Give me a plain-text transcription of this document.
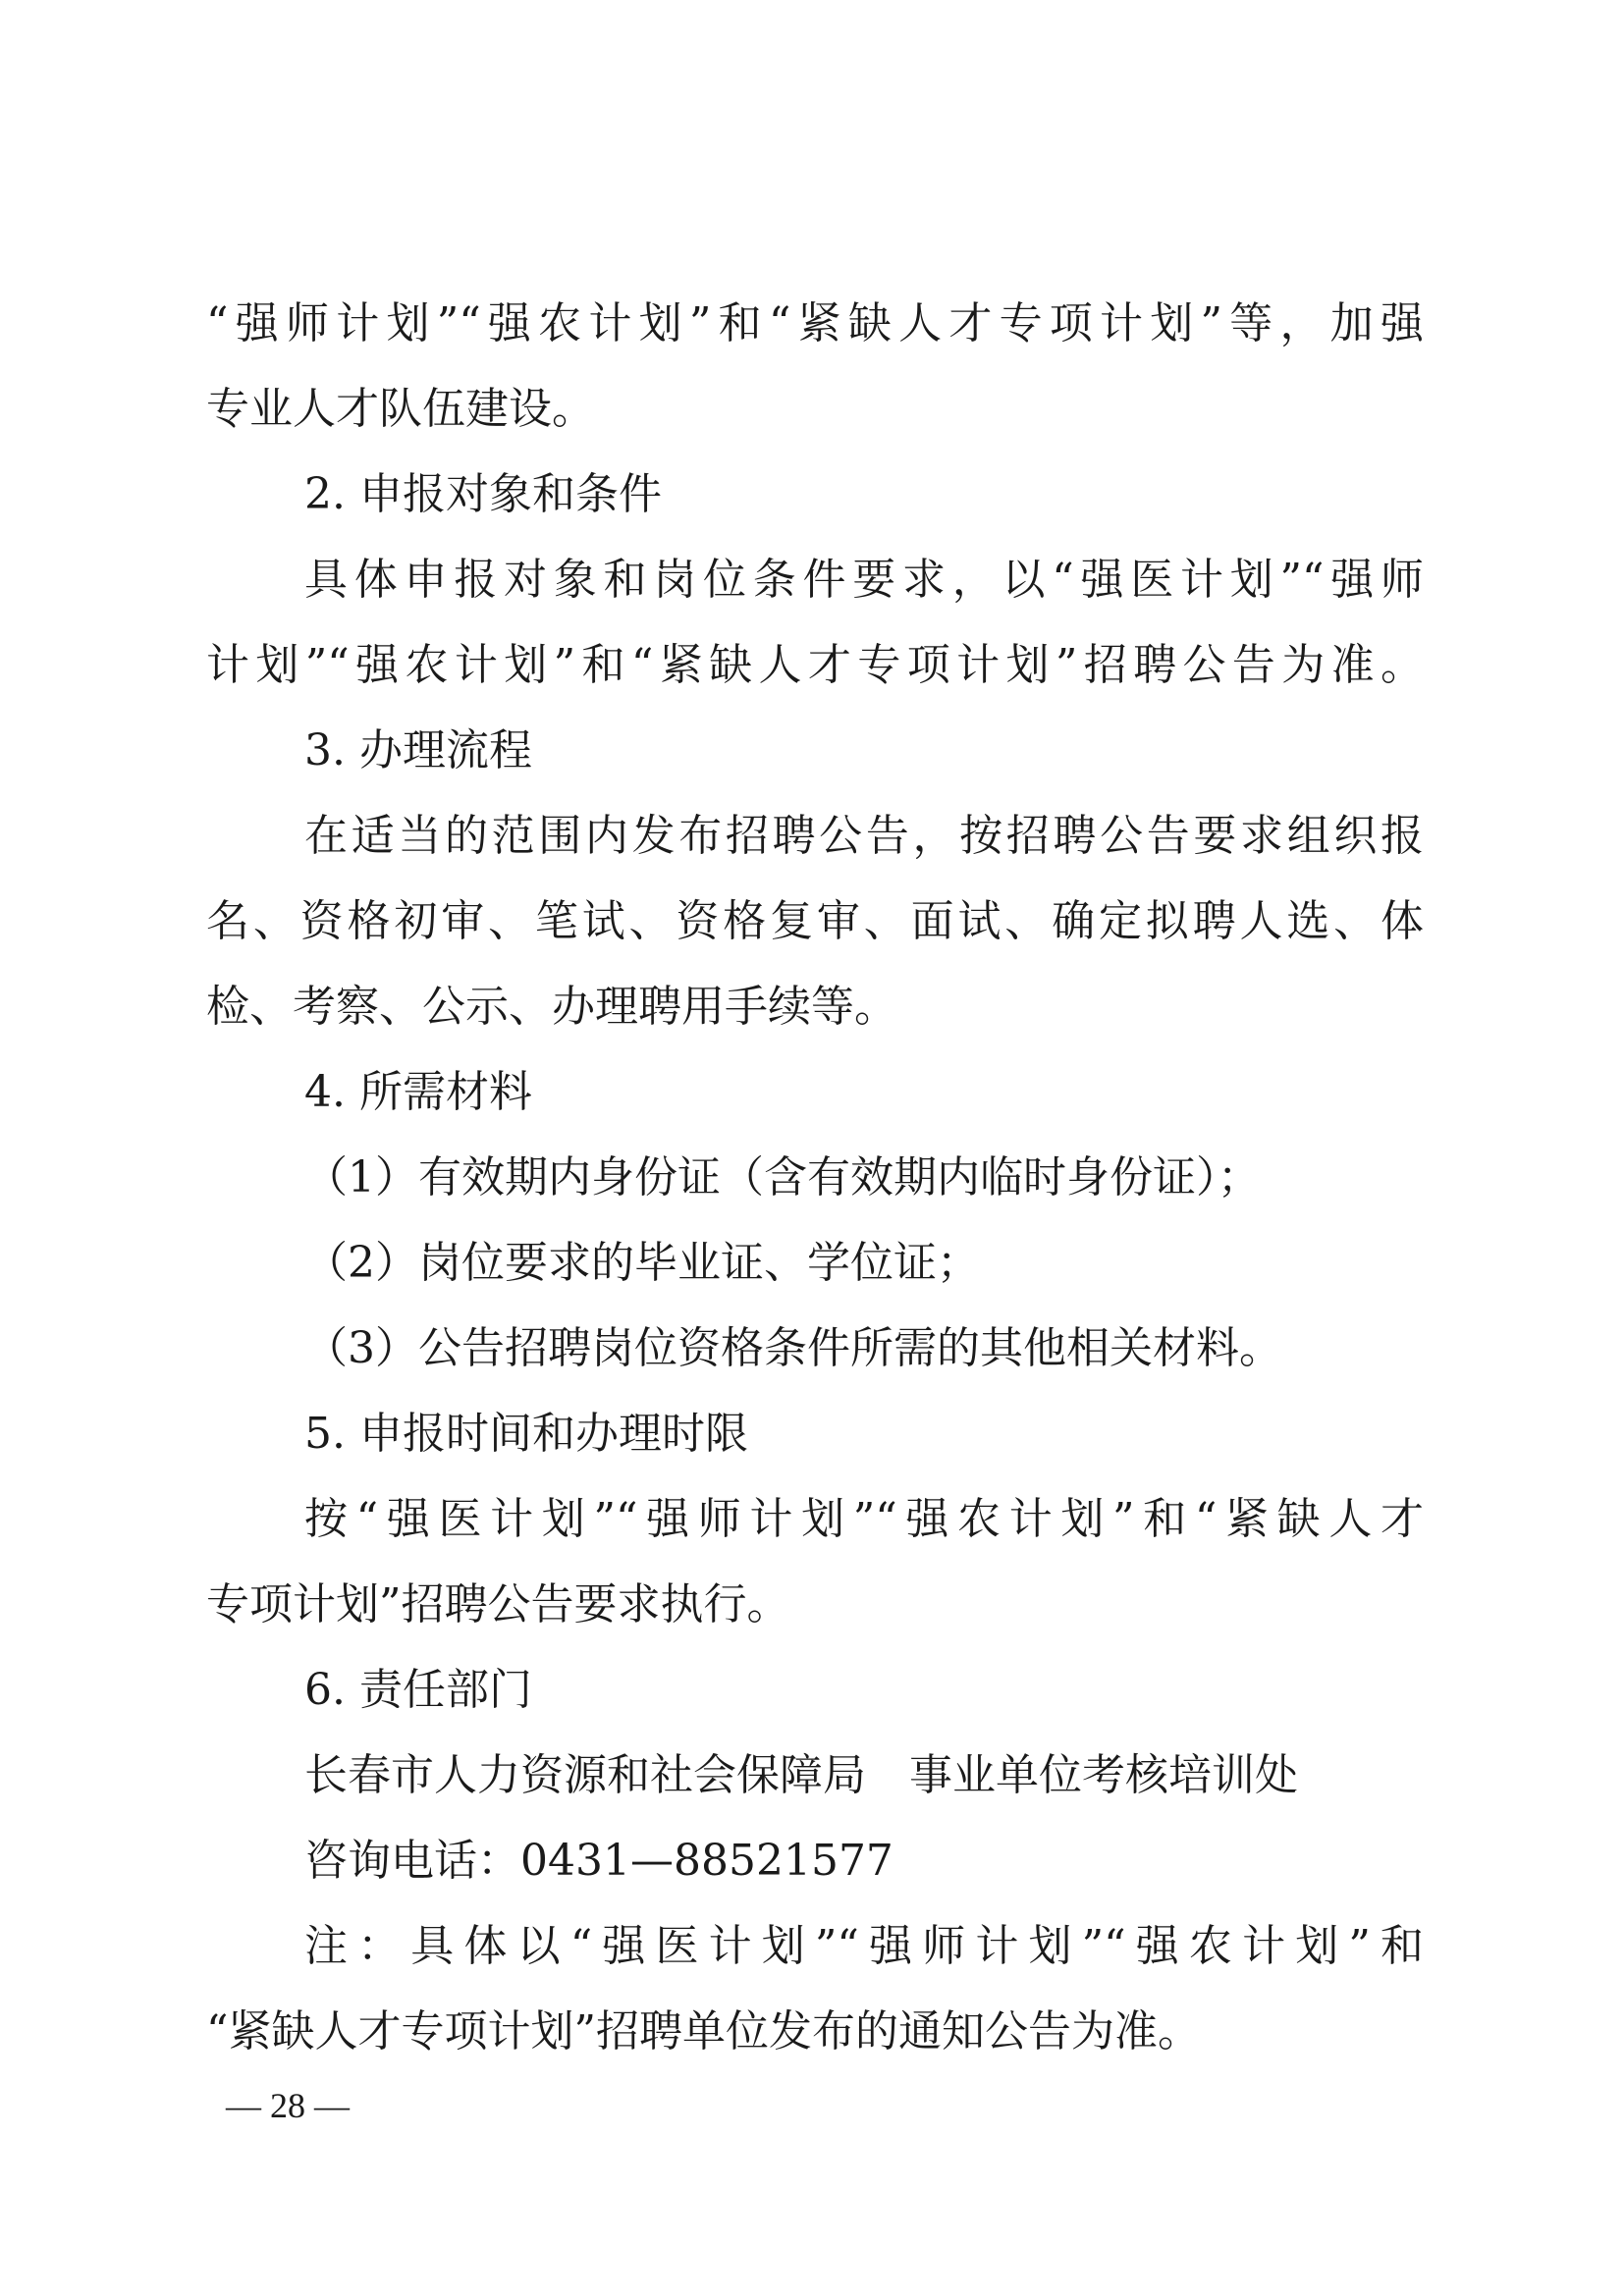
“强师计划”“强农计划”和“紧缺人才专项计划”等，加强
专业人才队伍建设。
2. 申报对象和条件
具体申报对象和岗位条件要求，以“强医计划”“强师
计划”“强农计划”和“紧缺人才专项计划”招聘公告为准。
3. 办理流程
在适当的范围内发布招聘公告，按招聘公告要求组织报
名、资格初审、笔试、资格复审、面试、确定拟聘人选、体
检、考察、公示、办理聘用手续等。
4. 所需材料
（1）有效期内身份证（含有效期内临时身份证）；
（2）岗位要求的毕业证、学位证；
（3）公告招聘岗位资格条件所需的其他相关材料。
5. 申报时间和办理时限
按“强医计划”“强师计划”“强农计划”和“紧缺人才
专项计划”招聘公告要求执行。
6. 责任部门
长春市人力资源和社会保障局　事业单位考核培训处
咨询电话：0431—88521577
注：具体以“强医计划”“强师计划”“强农计划”和
“紧缺人才专项计划”招聘单位发布的通知公告为准。
— 28 —
